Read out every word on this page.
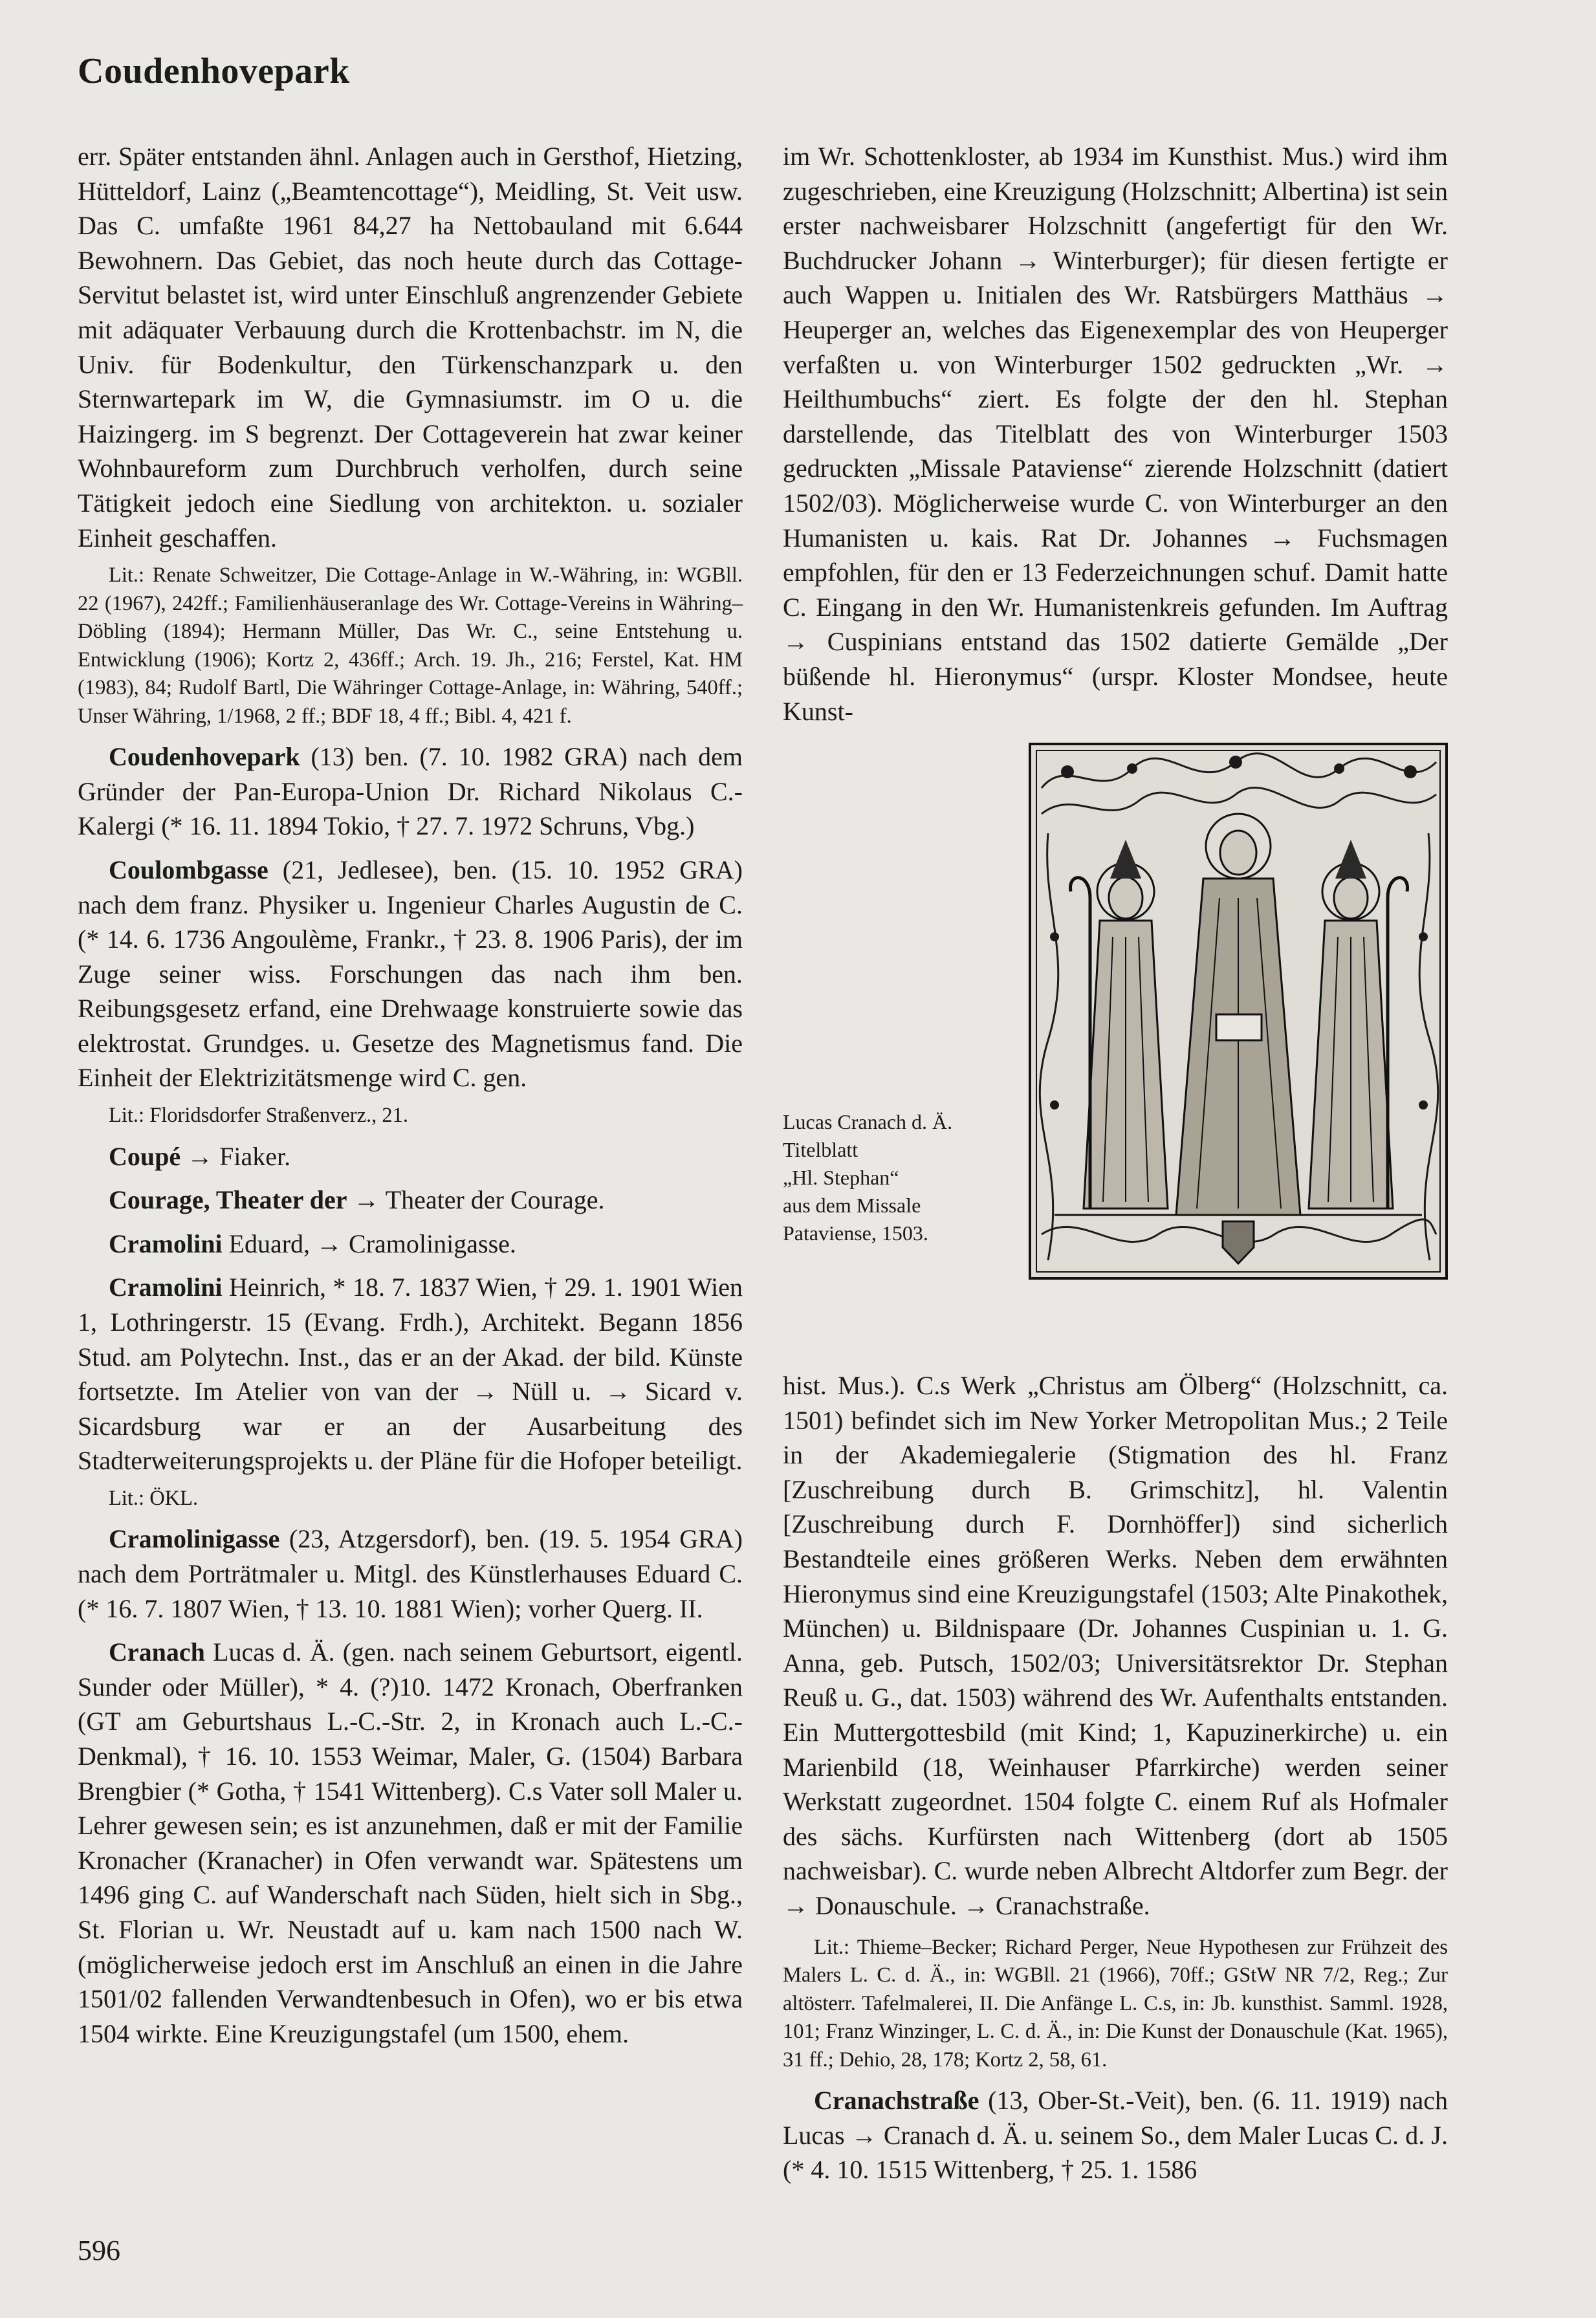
Coudenhovepark

err. Später entstanden ähnl. Anlagen auch in Gersthof, Hietzing, Hütteldorf, Lainz („Beamtencottage“), Meidling, St. Veit usw. Das C. umfaßte 1961 84,27 ha Nettobauland mit 6.644 Bewohnern. Das Gebiet, das noch heute durch das Cottage-Servitut belastet ist, wird unter Einschluß angrenzender Gebiete mit adäquater Verbauung durch die Krottenbachstr. im N, die Univ. für Bodenkultur, den Türkenschanzpark u. den Sternwartepark im W, die Gymnasiumstr. im O u. die Haizingerg. im S begrenzt. Der Cottageverein hat zwar keiner Wohnbaureform zum Durchbruch verholfen, durch seine Tätigkeit jedoch eine Siedlung von architekton. u. sozialer Einheit geschaffen.

Lit.: Renate Schweitzer, Die Cottage-Anlage in W.-Währing, in: WGBll. 22 (1967), 242ff.; Familienhäuseranlage des Wr. Cottage-Vereins in Währing–Döbling (1894); Hermann Müller, Das Wr. C., seine Entstehung u. Entwicklung (1906); Kortz 2, 436ff.; Arch. 19. Jh., 216; Ferstel, Kat. HM (1983), 84; Rudolf Bartl, Die Währinger Cottage-Anlage, in: Währing, 540ff.; Unser Währing, 1/1968, 2 ff.; BDF 18, 4 ff.; Bibl. 4, 421 f.

Coudenhovepark (13) ben. (7. 10. 1982 GRA) nach dem Gründer der Pan-Europa-Union Dr. Richard Nikolaus C.-Kalergi (* 16. 11. 1894 Tokio, † 27. 7. 1972 Schruns, Vbg.)

Coulombgasse (21, Jedlesee), ben. (15. 10. 1952 GRA) nach dem franz. Physiker u. Ingenieur Charles Augustin de C. (* 14. 6. 1736 Angoulème, Frankr., † 23. 8. 1906 Paris), der im Zuge seiner wiss. Forschungen das nach ihm ben. Reibungsgesetz erfand, eine Drehwaage konstruierte sowie das elektrostat. Grundges. u. Gesetze des Magnetismus fand. Die Einheit der Elektrizitätsmenge wird C. gen.

Lit.: Floridsdorfer Straßenverz., 21.

Coupé → Fiaker.

Courage, Theater der → Theater der Courage.

Cramolini Eduard, → Cramolinigasse.

Cramolini Heinrich, * 18. 7. 1837 Wien, † 29. 1. 1901 Wien 1, Lothringerstr. 15 (Evang. Frdh.), Architekt. Begann 1856 Stud. am Polytechn. Inst., das er an der Akad. der bild. Künste fortsetzte. Im Atelier von van der → Nüll u. → Sicard v. Sicardsburg war er an der Ausarbeitung des Stadterweiterungsprojekts u. der Pläne für die Hofoper beteiligt.

Lit.: ÖKL.

Cramolinigasse (23, Atzgersdorf), ben. (19. 5. 1954 GRA) nach dem Porträtmaler u. Mitgl. des Künstlerhauses Eduard C. (* 16. 7. 1807 Wien, † 13. 10. 1881 Wien); vorher Querg. II.

Cranach Lucas d. Ä. (gen. nach seinem Geburtsort, eigentl. Sunder oder Müller), * 4. (?)10. 1472 Kronach, Oberfranken (GT am Geburtshaus L.-C.-Str. 2, in Kronach auch L.-C.-Denkmal), † 16. 10. 1553 Weimar, Maler, G. (1504) Barbara Brengbier (* Gotha, † 1541 Wittenberg). C.s Vater soll Maler u. Lehrer gewesen sein; es ist anzunehmen, daß er mit der Familie Kronacher (Kranacher) in Ofen verwandt war. Spätestens um 1496 ging C. auf Wanderschaft nach Süden, hielt sich in Sbg., St. Florian u. Wr. Neustadt auf u. kam nach 1500 nach W. (möglicherweise jedoch erst im Anschluß an einen in die Jahre 1501/02 fallenden Verwandtenbesuch in Ofen), wo er bis etwa 1504 wirkte. Eine Kreuzigungstafel (um 1500, ehem.

im Wr. Schottenkloster, ab 1934 im Kunsthist. Mus.) wird ihm zugeschrieben, eine Kreuzigung (Holzschnitt; Albertina) ist sein erster nachweisbarer Holzschnitt (angefertigt für den Wr. Buchdrucker Johann → Winterburger); für diesen fertigte er auch Wappen u. Initialen des Wr. Ratsbürgers Matthäus → Heuperger an, welches das Eigenexemplar des von Heuperger verfaßten u. von Winterburger 1502 gedruckten „Wr. → Heilthumbuchs“ ziert. Es folgte der den hl. Stephan darstellende, das Titelblatt des von Winterburger 1503 gedruckten „Missale Pataviense“ zierende Holzschnitt (datiert 1502/03). Möglicherweise wurde C. von Winterburger an den Humanisten u. kais. Rat Dr. Johannes → Fuchsmagen empfohlen, für den er 13 Federzeichnungen schuf. Damit hatte C. Eingang in den Wr. Humanistenkreis gefunden. Im Auftrag → Cuspinians entstand das 1502 datierte Gemälde „Der büßende hl. Hieronymus“ (urspr. Kloster Mondsee, heute Kunst-

Lucas Cranach d. Ä.
Titelblatt
„Hl. Stephan“
aus dem Missale
Pataviense, 1503.

hist. Mus.). C.s Werk „Christus am Ölberg“ (Holzschnitt, ca. 1501) befindet sich im New Yorker Metropolitan Mus.; 2 Teile in der Akademiegalerie (Stigmation des hl. Franz [Zuschreibung durch B. Grimschitz], hl. Valentin [Zuschreibung durch F. Dornhöffer]) sind sicherlich Bestandteile eines größeren Werks. Neben dem erwähnten Hieronymus sind eine Kreuzigungstafel (1503; Alte Pinakothek, München) u. Bildnispaare (Dr. Johannes Cuspinian u. 1. G. Anna, geb. Putsch, 1502/03; Universitätsrektor Dr. Stephan Reuß u. G., dat. 1503) während des Wr. Aufenthalts entstanden. Ein Muttergottesbild (mit Kind; 1, Kapuzinerkirche) u. ein Marienbild (18, Weinhauser Pfarrkirche) werden seiner Werkstatt zugeordnet. 1504 folgte C. einem Ruf als Hofmaler des sächs. Kurfürsten nach Wittenberg (dort ab 1505 nachweisbar). C. wurde neben Albrecht Altdorfer zum Begr. der → Donauschule. → Cranachstraße.

Lit.: Thieme–Becker; Richard Perger, Neue Hypothesen zur Frühzeit des Malers L. C. d. Ä., in: WGBll. 21 (1966), 70ff.; GStW NR 7/2, Reg.; Zur altösterr. Tafelmalerei, II. Die Anfänge L. C.s, in: Jb. kunsthist. Samml. 1928, 101; Franz Winzinger, L. C. d. Ä., in: Die Kunst der Donauschule (Kat. 1965), 31 ff.; Dehio, 28, 178; Kortz 2, 58, 61.

Cranachstraße (13, Ober-St.-Veit), ben. (6. 11. 1919) nach Lucas → Cranach d. Ä. u. seinem So., dem Maler Lucas C. d. J. (* 4. 10. 1515 Wittenberg, † 25. 1. 1586

596
